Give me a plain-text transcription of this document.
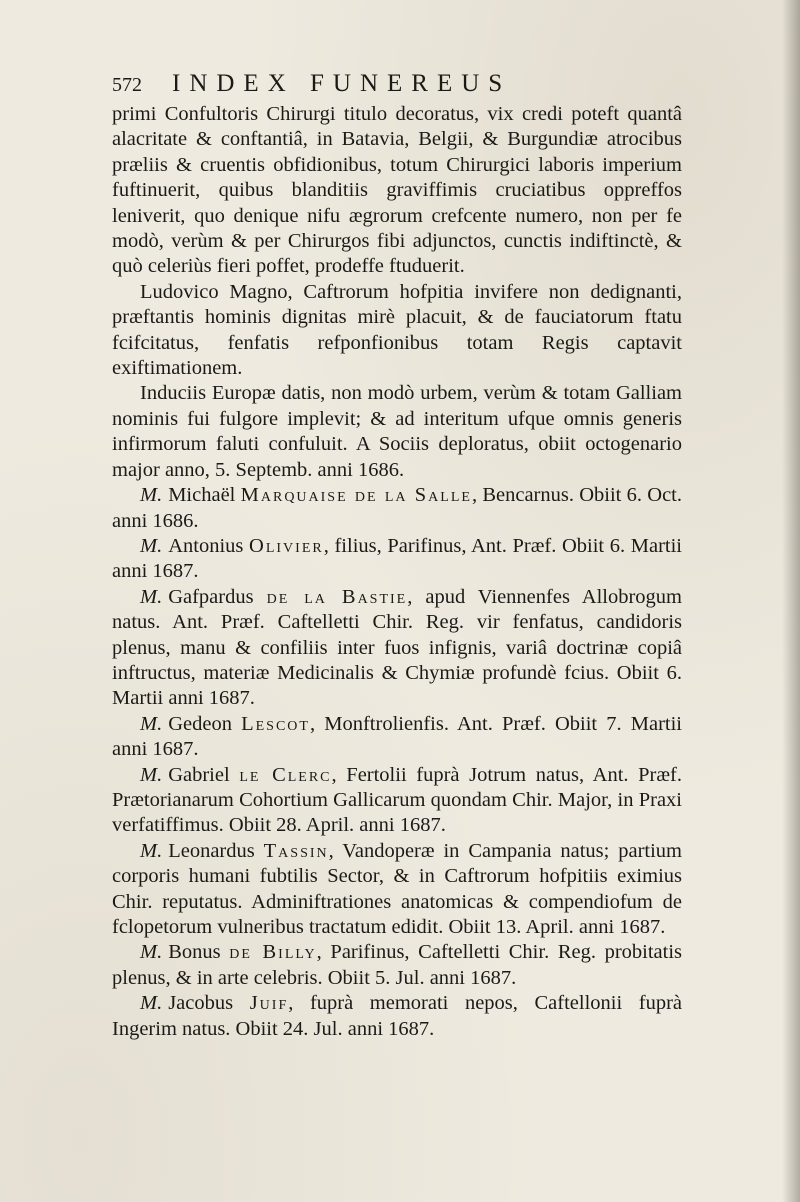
572 INDEX FUNEREUS

primi Confultoris Chirurgi titulo decoratus, vix credi poteft quantâ alacritate & conftantiâ, in Batavia, Belgii, & Burgundiæ atrocibus præliis & cruentis obfidionibus, totum Chirurgici laboris imperium fuftinuerit, quibus blanditiis graviffimis cruciatibus oppreffos leniverit, quo denique nifu ægrorum crefcente numero, non per fe modò, verùm & per Chirurgos fibi adjunctos, cunctis indiftinctè, & quò celeriùs fieri poffet, prodeffe ftuduerit.

Ludovico Magno, Caftrorum hofpitia invifere non dedignanti, præftantis hominis dignitas mirè placuit, & de fauciatorum ftatu fcifcitatus, fenfatis refponfionibus totam Regis captavit exiftimationem.

Induciis Europæ datis, non modò urbem, verùm & totam Galliam nominis fui fulgore implevit; & ad interitum ufque omnis generis infirmorum faluti confuluit. A Sociis deploratus, obiit octogenario major anno, 5. Septemb. anni 1686.

M. Michaël Marquaise de la Salle, Bencarnus. Obiit 6. Oct. anni 1686.

M. Antonius Olivier, filius, Parifinus, Ant. Præf. Obiit 6. Martii anni 1687.

M. Gafpardus de la Bastie, apud Viennenfes Allobrogum natus. Ant. Præf. Caftelletti Chir. Reg. vir fenfatus, candidoris plenus, manu & confiliis inter fuos infignis, variâ doctrinæ copiâ inftructus, materiæ Medicinalis & Chymiæ profundè fcius. Obiit 6. Martii anni 1687.

M. Gedeon Lescot, Monftrolienfis. Ant. Præf. Obiit 7. Martii anni 1687.

M. Gabriel le Clerc, Fertolii fuprà Jotrum natus, Ant. Præf. Prætorianarum Cohortium Gallicarum quondam Chir. Major, in Praxi verfatiffimus. Obiit 28. April. anni 1687.

M. Leonardus Tassin, Vandoperæ in Campania natus; partium corporis humani fubtilis Sector, & in Caftrorum hofpitiis eximius Chir. reputatus. Adminiftrationes anatomicas & compendiofum de fclopetorum vulneribus tractatum edidit. Obiit 13. April. anni 1687.

M. Bonus de Billy, Parifinus, Caftelletti Chir. Reg. probitatis plenus, & in arte celebris. Obiit 5. Jul. anni 1687.

M. Jacobus Juif, fuprà memorati nepos, Caftellonii fuprà Ingerim natus. Obiit 24. Jul. anni 1687.
